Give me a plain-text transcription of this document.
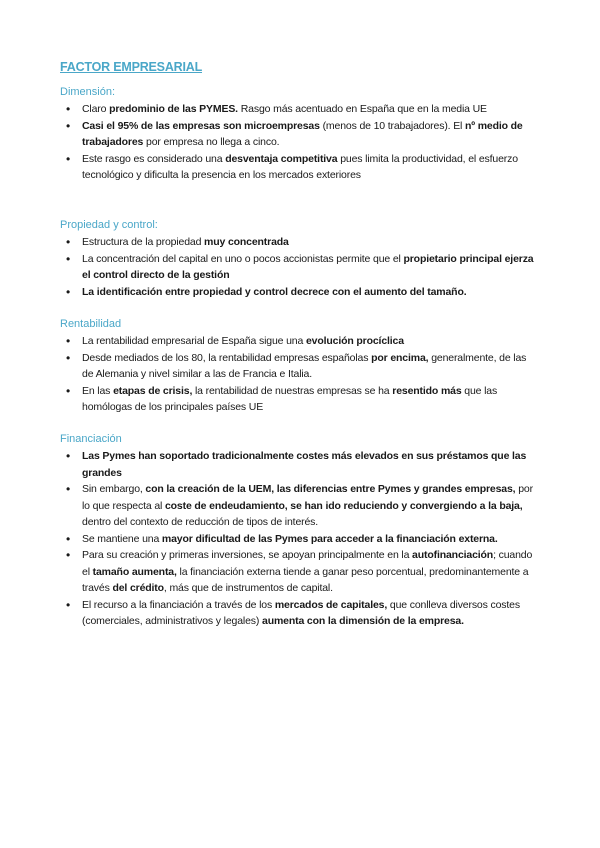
FACTOR EMPRESARIAL
Dimensión:
• Claro predominio de las PYMES. Rasgo más acentuado en España que en la media UE
• Casi el 95% de las empresas son microempresas (menos de 10 trabajadores). El nº medio de trabajadores por empresa no llega a cinco.
• Este rasgo es considerado una desventaja competitiva pues limita la productividad, el esfuerzo tecnológico y dificulta la presencia en los mercados exteriores
Propiedad y control:
• Estructura de la propiedad muy concentrada
• La concentración del capital en uno o pocos accionistas permite que el propietario principal ejerza el control directo de la gestión
• La identificación entre propiedad y control decrece con el aumento del tamaño.
Rentabilidad
• La rentabilidad empresarial de España sigue una evolución procíclica
• Desde mediados de los 80, la rentabilidad empresas españolas por encima, generalmente, de las de Alemania y nivel similar a las de Francia e Italia.
• En las etapas de crisis, la rentabilidad de nuestras empresas se ha resentido más que las homólogas de los principales países UE
Financiación
• Las Pymes han soportado tradicionalmente costes más elevados en sus préstamos que las grandes
• Sin embargo, con la creación de la UEM, las diferencias entre Pymes y grandes empresas, por lo que respecta al coste de endeudamiento, se han ido reduciendo y convergiendo a la baja, dentro del contexto de reducción de tipos de interés.
• Se mantiene una mayor dificultad de las Pymes para acceder a la financiación externa.
• Para su creación y primeras inversiones, se apoyan principalmente en la autofinanciación; cuando el tamaño aumenta, la financiación externa tiende a ganar peso porcentual, predominantemente a través del crédito, más que de instrumentos de capital.
• El recurso a la financiación a través de los mercados de capitales, que conlleva diversos costes (comerciales, administrativos y legales) aumenta con la dimensión de la empresa.
